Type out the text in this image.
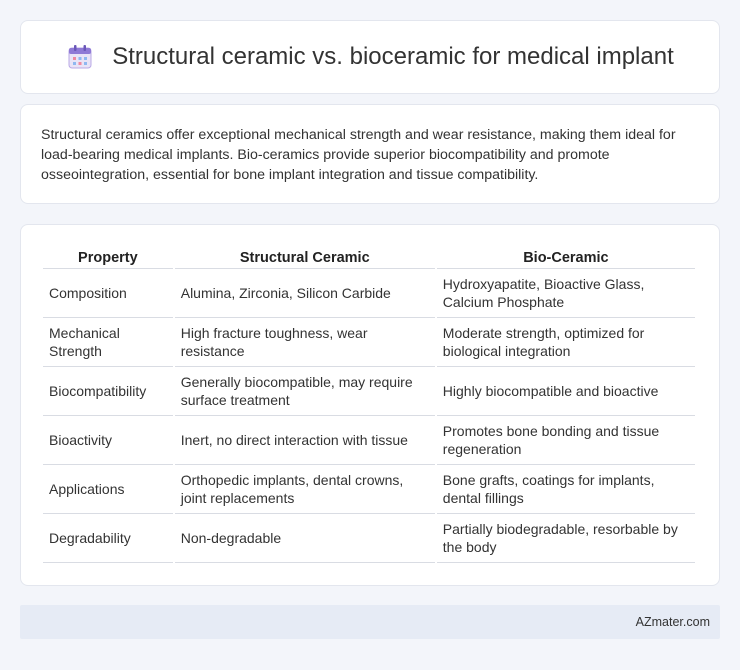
Structural ceramic vs. bioceramic for medical implant

Structural ceramics offer exceptional mechanical strength and wear resistance, making them ideal for load-bearing medical implants. Bio-ceramics provide superior biocompatibility and promote osseointegration, essential for bone implant integration and tissue compatibility.

Property	Structural Ceramic	Bio-Ceramic
Composition	Alumina, Zirconia, Silicon Carbide	Hydroxyapatite, Bioactive Glass, Calcium Phosphate
Mechanical Strength	High fracture toughness, wear resistance	Moderate strength, optimized for biological integration
Biocompatibility	Generally biocompatible, may require surface treatment	Highly biocompatible and bioactive
Bioactivity	Inert, no direct interaction with tissue	Promotes bone bonding and tissue regeneration
Applications	Orthopedic implants, dental crowns, joint replacements	Bone grafts, coatings for implants, dental fillings
Degradability	Non-degradable	Partially biodegradable, resorbable by the body
AZmater.com
